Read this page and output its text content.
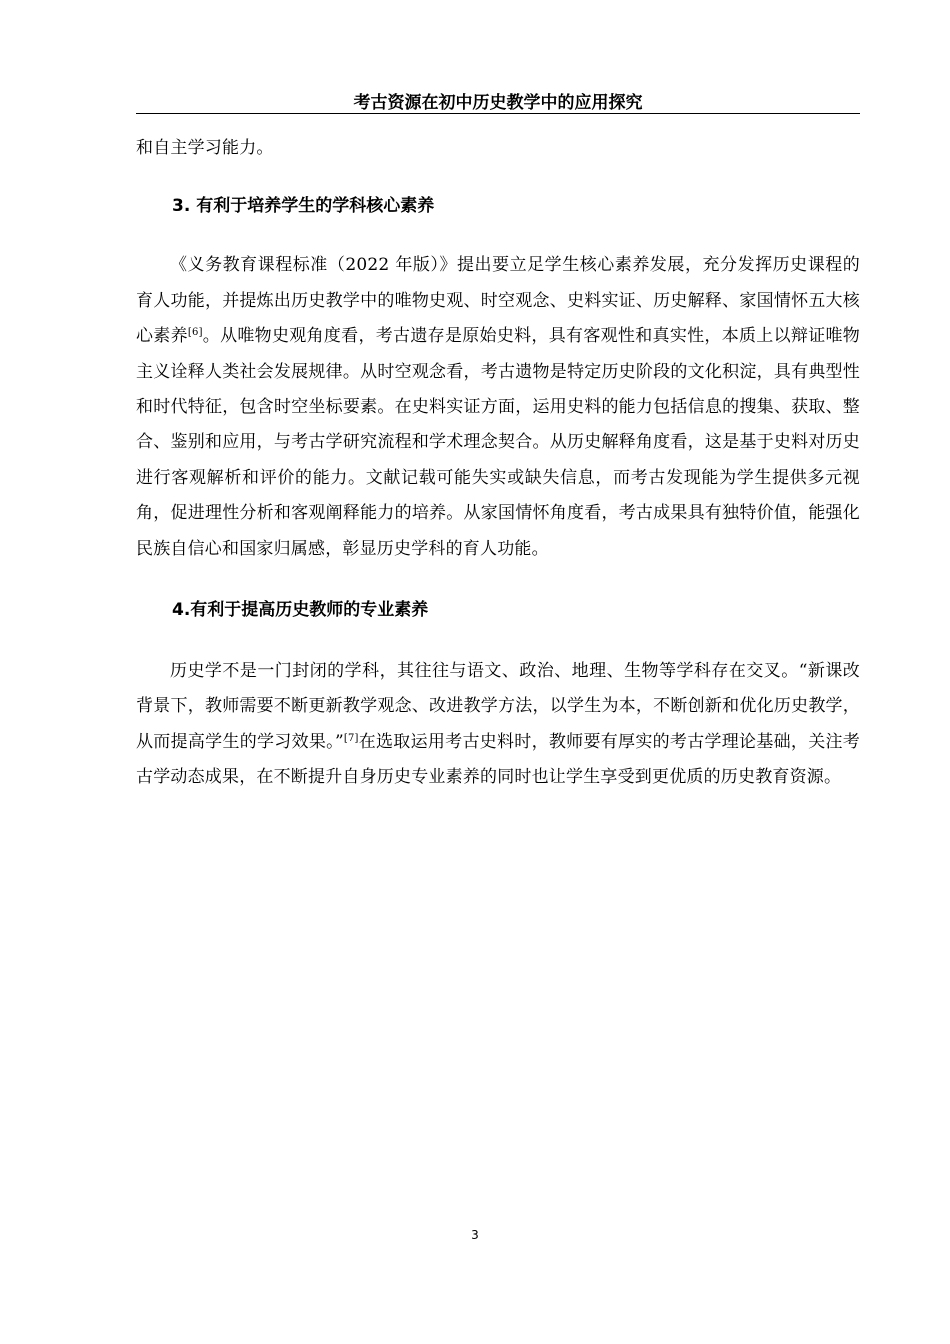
考古资源在初中历史教学中的应用探究

和自主学习能力。

3. 有利于培养学生的学科核心素养

《义务教育课程标准（2022 年版）》提出要立足学生核心素养发展，充分发挥历史课程的育人功能，并提炼出历史教学中的唯物史观、时空观念、史料实证、历史解释、家国情怀五大核心素养[6]。从唯物史观角度看，考古遗存是原始史料，具有客观性和真实性，本质上以辩证唯物主义诠释人类社会发展规律。从时空观念看，考古遗物是特定历史阶段的文化积淀，具有典型性和时代特征，包含时空坐标要素。在史料实证方面，运用史料的能力包括信息的搜集、获取、整合、鉴别和应用，与考古学研究流程和学术理念契合。从历史解释角度看，这是基于史料对历史进行客观解析和评价的能力。文献记载可能失实或缺失信息，而考古发现能为学生提供多元视角，促进理性分析和客观阐释能力的培养。从家国情怀角度看，考古成果具有独特价值，能强化民族自信心和国家归属感，彰显历史学科的育人功能。

4.有利于提高历史教师的专业素养

历史学不是一门封闭的学科，其往往与语文、政治、地理、生物等学科存在交叉。“新课改背景下，教师需要不断更新教学观念、改进教学方法，以学生为本，不断创新和优化历史教学，从而提高学生的学习效果。”[7]在选取运用考古史料时，教师要有厚实的考古学理论基础，关注考古学动态成果，在不断提升自身历史专业素养的同时也让学生享受到更优质的历史教育资源。

3
